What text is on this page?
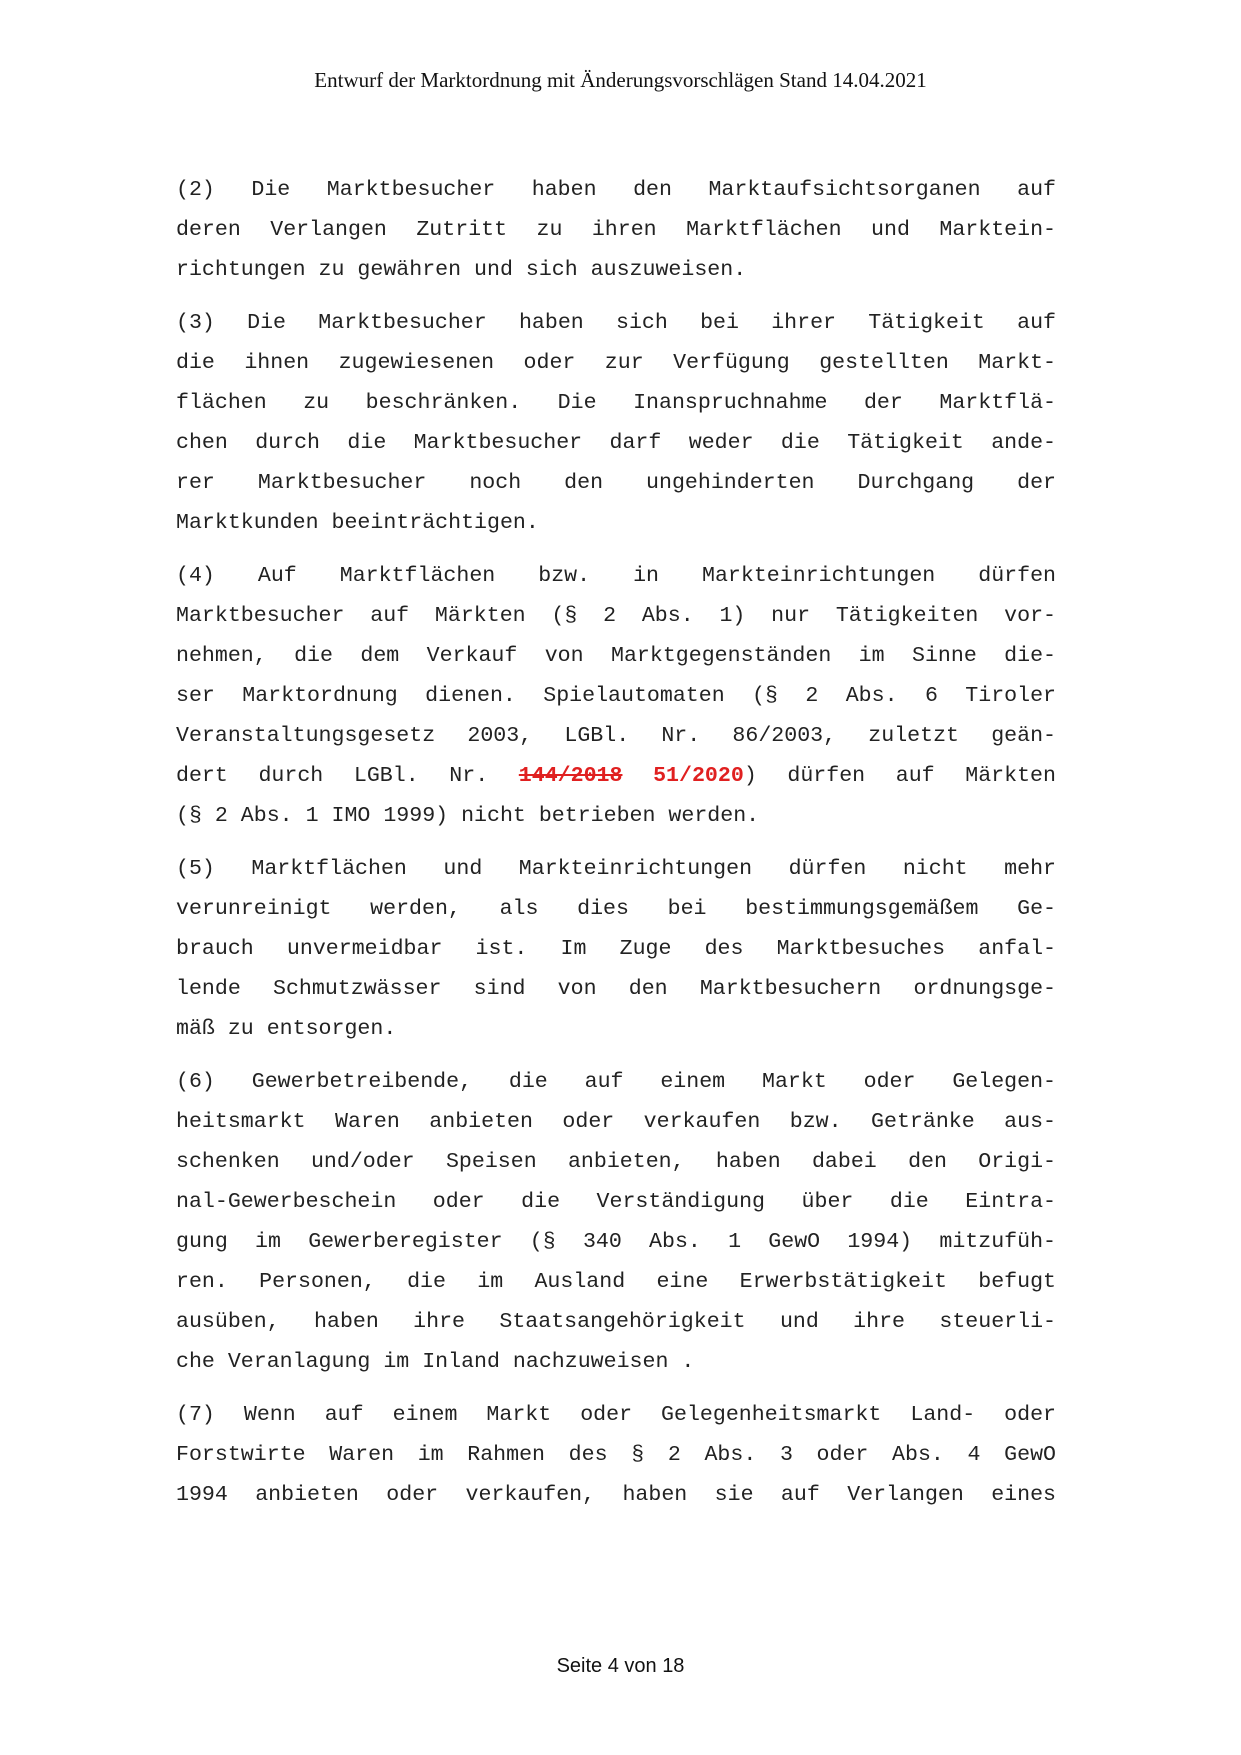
Entwurf der Marktordnung mit Änderungsvorschlägen Stand 14.04.2021
(2) Die Marktbesucher haben den Marktaufsichtsorganen auf
deren Verlangen Zutritt zu ihren Marktflächen und Marktein-
richtungen zu gewähren und sich auszuweisen.
(3) Die Marktbesucher haben sich bei ihrer Tätigkeit auf
die ihnen zugewiesenen oder zur Verfügung gestellten Markt-
flächen zu beschränken. Die Inanspruchnahme der Marktflä-
chen durch die Marktbesucher darf weder die Tätigkeit ande-
rer Marktbesucher noch den ungehinderten Durchgang der
Marktkunden beeinträchtigen.
(4) Auf Marktflächen bzw. in Markteinrichtungen dürfen
Marktbesucher auf Märkten (§ 2 Abs. 1) nur Tätigkeiten vor-
nehmen, die dem Verkauf von Marktgegenständen im Sinne die-
ser Marktordnung dienen. Spielautomaten (§ 2 Abs. 6 Tiroler
Veranstaltungsgesetz 2003, LGBl. Nr. 86/2003, zuletzt geän-
dert durch LGBl. Nr. 144/2018 51/2020) dürfen auf Märkten
(§ 2 Abs. 1 IMO 1999) nicht betrieben werden.
(5) Marktflächen und Markteinrichtungen dürfen nicht mehr
verunreinigt werden, als dies bei bestimmungsgemäßem Ge-
brauch unvermeidbar ist. Im Zuge des Marktbesuches anfal-
lende Schmutzwässer sind von den Marktbesuchern ordnungsge-
mäß zu entsorgen.
(6) Gewerbetreibende, die auf einem Markt oder Gelegen-
heitsmarkt Waren anbieten oder verkaufen bzw. Getränke aus-
schenken und/oder Speisen anbieten, haben dabei den Origi-
nal-Gewerbeschein oder die Verständigung über die Eintra-
gung im Gewerberegister (§ 340 Abs. 1 GewO 1994) mitzufüh-
ren. Personen, die im Ausland eine Erwerbstätigkeit befugt
ausüben, haben ihre Staatsangehörigkeit und ihre steuerli-
che Veranlagung im Inland nachzuweisen .
(7) Wenn auf einem Markt oder Gelegenheitsmarkt Land- oder
Forstwirte Waren im Rahmen des § 2 Abs. 3 oder Abs. 4 GewO
1994 anbieten oder verkaufen, haben sie auf Verlangen eines
Seite 4 von 18
